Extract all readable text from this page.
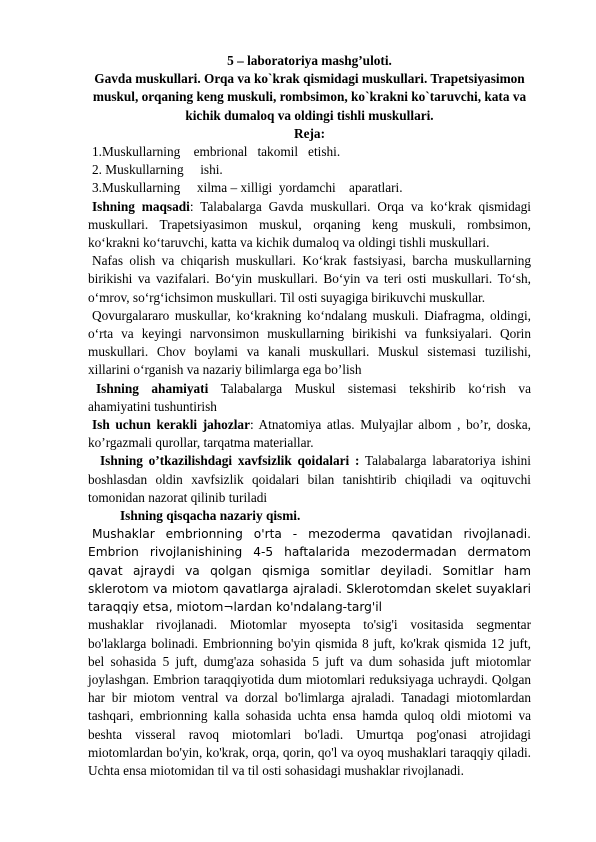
5 – laboratoriya mashg’uloti.
Gavda muskullari. Orqa va ko`krak qismidagi muskullari. Trapetsiyasimon muskul, orqaning keng muskuli, rombsimon, ko`krakni ko`taruvchi, kata va kichik dumaloq va oldingi tishli muskullari.
Reja:
1.Muskullarning    embrional   takomil   etishi.
2. Muskullarning     ishi.
3.Muskullarning     xilma – xilligi  yordamchi    aparatlari.
Ishning maqsadi: Talabalarga Gavda muskullari. Orqa va ko‘krak qismidagi muskullari. Trapetsiyasimon muskul, orqaning keng muskuli, rombsimon, ko‘krakni ko‘taruvchi, katta va kichik dumaloq va oldingi tishli muskullari.
Nafas olish va chiqarish muskullari. Ko‘krak fastsiyasi, barcha muskullarning birikishi va vazifalari. Bo‘yin muskullari. Bo‘yin va teri osti muskullari. To‘sh, o‘mrov, so‘rg‘ichsimon muskullari. Til osti suyagiga birikuvchi muskullar.
Qovurgalararo muskullar, ko‘krakning ko‘ndalang muskuli. Diafragma, oldingi, o‘rta va keyingi narvonsimon muskullarning birikishi va funksiyalari. Qorin muskullari. Chov boylami va kanali muskullari. Muskul sistemasi tuzilishi, xillarini o‘rganish va nazariy bilimlarga ega bo’lish
Ishning ahamiyati Talabalarga Muskul sistemasi tekshirib ko‘rish va ahamiyatini tushuntirish
Ish uchun kerakli jahozlar: Atnatomiya atlas. Mulyajlar albom , bo’r, doska, ko’rgazmali qurollar, tarqatma materiallar.
Ishning o’tkazilishdagi xavfsizlik qoidalari : Talabalarga labaratoriya ishini boshlasdan oldin xavfsizlik qoidalari bilan tanishtirib chiqiladi va oqituvchi tomonidan nazorat qilinib turiladi
Ishning qisqacha nazariy qismi.
Mushaklar embrionning o'rta - mezoderma qavatidan rivojlanadi. Embrion rivojlanishining 4-5 haftalarida mezodermadan dermatom qavat ajraydi va qolgan qismiga somitlar deyiladi. Somitlar ham sklerotom va miotom qavatlarga ajraladi. Sklerotomdan skelet suyaklari taraqqiy etsa, miotom¬lardan ko'ndalang-targ'il
mushaklar rivojlanadi. Miotomlar myosepta to'sig'i vositasida segmentar bo'laklarga bolinadi. Embrionning bo'yin qismida 8 juft, ko'krak qismida 12 juft, bel sohasida 5 juft, dumg'aza sohasida 5 juft va dum sohasida juft miotomlar joylashgan. Embrion taraqqiyotida dum miotomlari reduksiyaga uchraydi. Qolgan har bir miotom ventral va dorzal bo'limlarga ajraladi. Tanadagi miotomlardan tashqari, embrionning kalla sohasida uchta ensa hamda quloq oldi miotomi va beshta visseral ravoq miotomlari bo'ladi. Umurtqa pog'onasi atrojidagi miotomlardan bo'yin, ko'krak, orqa, qorin, qo'l va oyoq mushaklari taraqqiy qiladi. Uchta ensa miotomidan til va til osti sohasidagi mushaklar rivojlanadi.
